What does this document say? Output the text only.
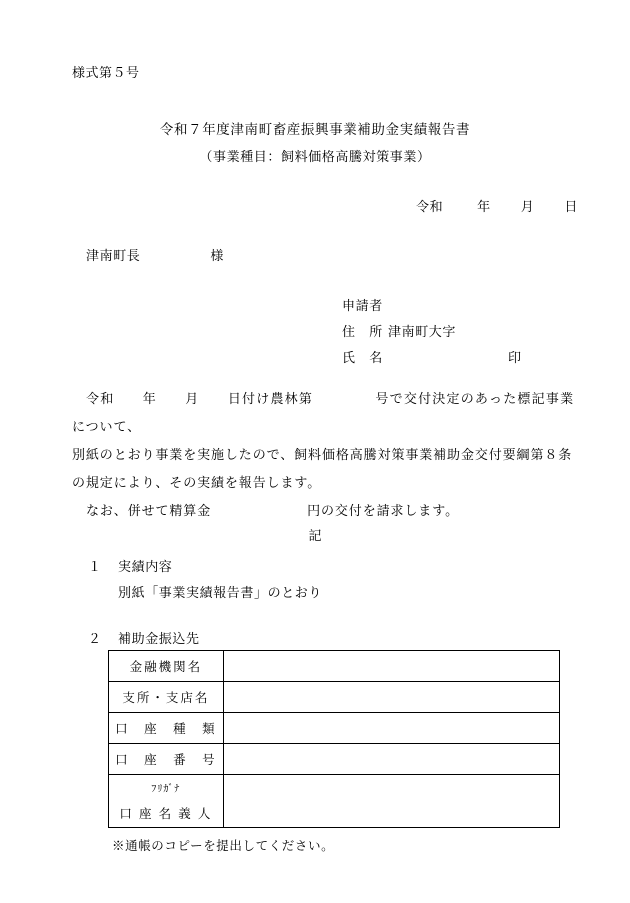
様式第５号
令和７年度津南町畜産振興事業補助金実績報告書
（事業種目：飼料価格高騰対策事業）
令和	年 月 日
津南町長	様
申請者
住　所 津南町大字
氏　名	印

令和 年 月 日付け農林第	号で交付決定のあった標記事業について、

別紙のとおり事業を実施したので、飼料価格高騰対策事業補助金交付要綱第８条

の規定により、その実績を報告します。

なお、併せて精算金	円の交付を請求します。

記
１ 実績内容
別紙「事業実績報告書」のとおり
２ 補助金振込先
金融機関名	
支所・支店名	
口　座　種　類	
口　座　番　号	
ﾌﾘｶﾞﾅ	
口 座 名 義 人	
※通帳のコピーを提出してください。
